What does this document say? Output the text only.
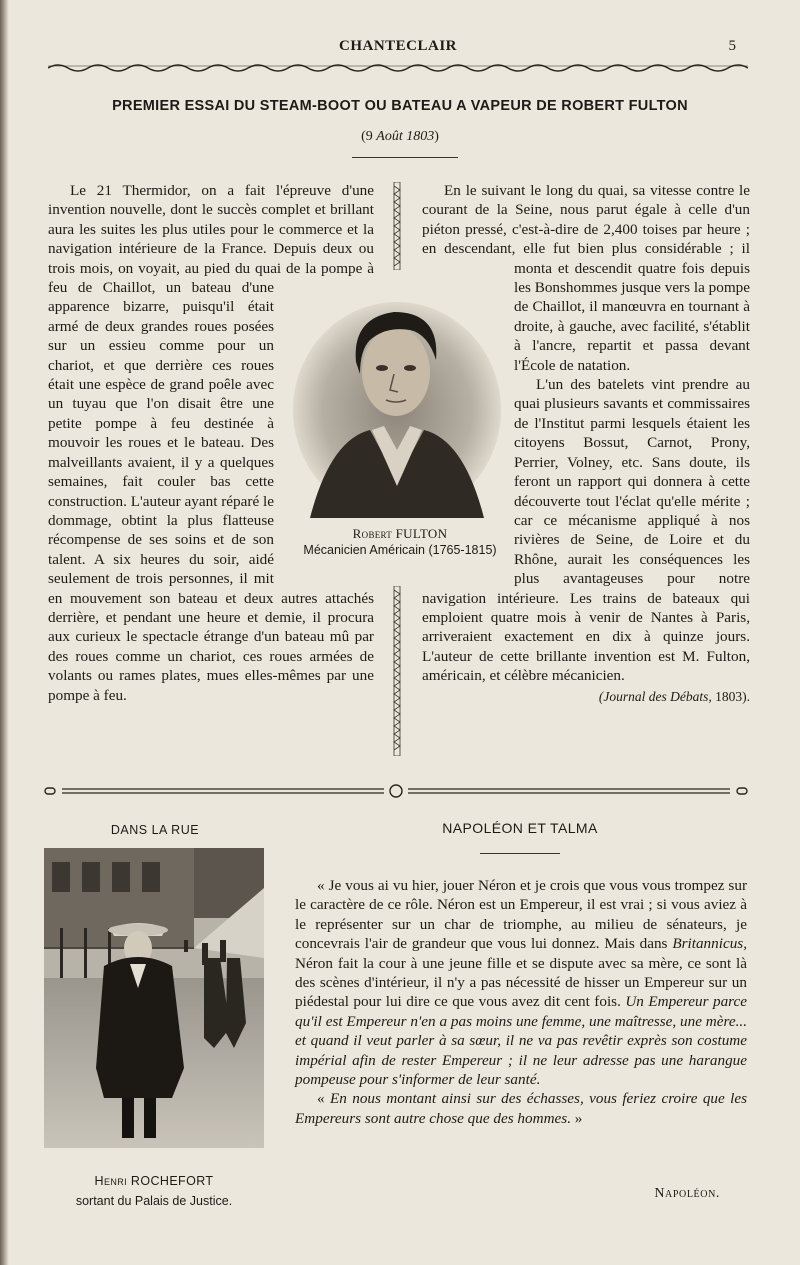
CHANTECLAIR	5
PREMIER ESSAI DU STEAM-BOOT OU BATEAU A VAPEUR DE ROBERT FULTON
(9 Août 1803)

Le 21 Thermidor, on a fait l'épreuve d'une invention nouvelle, dont le succès complet et brillant aura les suites les plus utiles pour le commerce et la navigation intérieure de la France. Depuis deux ou trois mois, on voyait, au pied du quai de la pompe à feu de Chaillot, un bateau d'une apparence bizarre, puisqu'il était armé de deux grandes roues posées sur un essieu comme pour un chariot, et que derrière ces roues était une espèce de grand poêle avec un tuyau que l'on disait être une petite pompe à feu destinée à mouvoir les roues et le bateau. Des malveillants avaient, il y a quelques semaines, fait couler bas cette construction. L'auteur ayant réparé le dommage, obtint la plus flatteuse récompense de ses soins et de son talent. A six heures du soir, aidé seulement de trois personnes, il mit en mouvement son bateau et deux autres attachés derrière, et pendant une heure et demie, il procura aux curieux le spectacle étrange d'un bateau mû par des roues comme un chariot, ces roues armées de volants ou rames plates, mues elles-mêmes par une pompe à feu.

En le suivant le long du quai, sa vitesse contre le courant de la Seine, nous parut égale à celle d'un piéton pressé, c'est-à-dire de 2,400 toises par heure ; en descendant, elle fut bien plus considérable ; il monta et descendit quatre fois depuis les Bonshommes jusque vers la pompe de Chaillot, il manœuvra en tournant à droite, à gauche, avec facilité, s'établit à l'ancre, repartit et passa devant l'École de natation.

L'un des batelets vint prendre au quai plusieurs savants et commissaires de l'Institut parmi lesquels étaient les citoyens Bossut, Carnot, Prony, Perrier, Volney, etc. Sans doute, ils feront un rapport qui donnera à cette découverte tout l'éclat qu'elle mérite ; car ce mécanisme appliqué à nos rivières de Seine, de Loire et du Rhône, aurait les conséquences les plus avantageuses pour notre navigation intérieure. Les trains de bateaux qui emploient quatre mois à venir de Nantes à Paris, arriveraient exactement en dix à quinze jours. L'auteur de cette brillante invention est M. Fulton, américain, et célèbre mécanicien.

(Journal des Débats, 1803).
Robert FULTON
Mécanicien Américain (1765-1815)
DANS LA RUE
Henri ROCHEFORT
sortant du Palais de Justice.
NAPOLÉON ET TALMA

« Je vous ai vu hier, jouer Néron et je crois que vous vous trompez sur le caractère de ce rôle. Néron est un Empereur, il est vrai ; si vous aviez à le représenter sur un char de triomphe, au milieu de sénateurs, je concevrais l'air de grandeur que vous lui donnez. Mais dans Britannicus, Néron fait la cour à une jeune fille et se dispute avec sa mère, ce sont là des scènes d'intérieur, il n'y a pas nécessité de hisser un Empereur sur un piédestal pour lui dire ce que vous avez dit cent fois. Un Empereur parce qu'il est Empereur n'en a pas moins une femme, une maîtresse, une mère... et quand il veut parler à sa sœur, il ne va pas revêtir exprès son costume impérial afin de rester Empereur ; il ne leur adresse pas une harangue pompeuse pour s'informer de leur santé.

« En nous montant ainsi sur des échasses, vous feriez croire que les Empereurs sont autre chose que des hommes. »

Napoléon.
